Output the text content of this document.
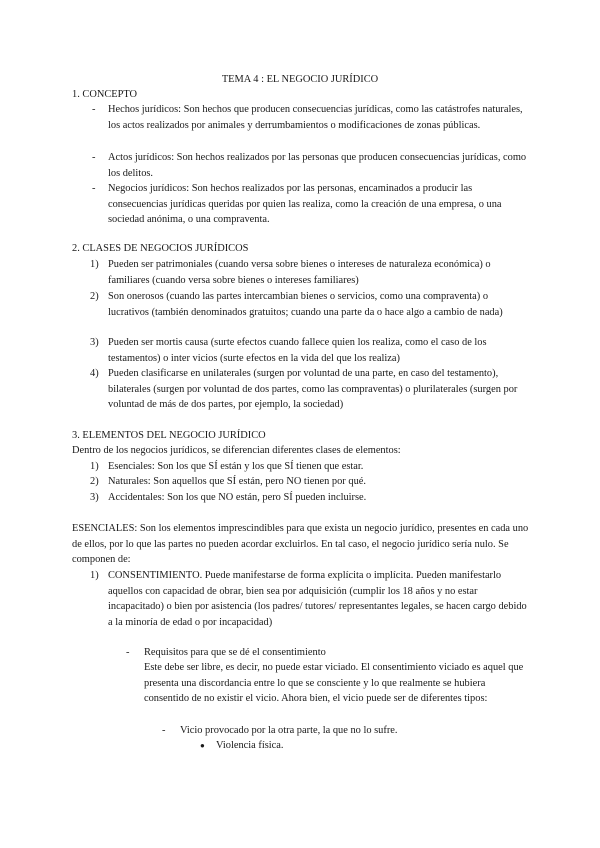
TEMA 4 : EL NEGOCIO JURÍDICO
1. CONCEPTO
- Hechos jurídicos: Son hechos que producen consecuencias jurídicas, como las catástrofes naturales, los actos realizados por animales y derrumbamientos o modificaciones de zonas públicas.
- Actos jurídicos: Son hechos realizados por las personas que producen consecuencias jurídicas, como los delitos.
- Negocios jurídicos: Son hechos realizados por las personas, encaminados a producir las consecuencias jurídicas queridas por quien las realiza, como la creación de una empresa, o una sociedad anónima, o una compraventa.
2. CLASES DE NEGOCIOS JURÍDICOS
1) Pueden ser patrimoniales (cuando versa sobre bienes o intereses de naturaleza económica) o familiares (cuando versa sobre bienes o intereses familiares)
2) Son onerosos (cuando las partes intercambian bienes o servicios, como una compraventa) o lucrativos (también denominados gratuitos; cuando una parte da o hace algo a cambio de nada)
3) Pueden ser mortis causa (surte efectos cuando fallece quien los realiza, como el caso de los testamentos) o inter vicios (surte efectos en la vida del que los realiza)
4) Pueden clasificarse en unilaterales (surgen por voluntad de una parte, en caso del testamento), bilaterales (surgen por voluntad de dos partes, como las compraventas) o plurilaterales (surgen por voluntad de más de dos partes, por ejemplo, la sociedad)
3. ELEMENTOS DEL NEGOCIO JURÍDICO
Dentro de los negocios jurídicos, se diferencian diferentes clases de elementos:
1) Esenciales: Son los que SÍ están y los que SÍ tienen que estar.
2) Naturales: Son aquellos que SÍ están, pero NO tienen por qué.
3) Accidentales: Son los que NO están, pero SÍ pueden incluirse.
ESENCIALES: Son los elementos imprescindibles para que exista un negocio jurídico, presentes en cada uno de ellos, por lo que las partes no pueden acordar excluirlos. En tal caso, el negocio jurídico sería nulo. Se componen de:
1) CONSENTIMIENTO. Puede manifestarse de forma explícita o implícita. Pueden manifestarlo aquellos con capacidad de obrar, bien sea por adquisición (cumplir los 18 años y no estar incapacitado) o bien por asistencia (los padres/ tutores/ representantes legales, se hacen cargo debido a la minoría de edad o por incapacidad)
- Requisitos para que se dé el consentimiento
Este debe ser libre, es decir, no puede estar viciado. El consentimiento viciado es aquel que presenta una discordancia entre lo que se consciente y lo que realmente se hubiera consentido de no existir el vicio. Ahora bien, el vicio puede ser de diferentes tipos:
- Vicio provocado por la otra parte, la que no lo sufre.
● Violencia física.
